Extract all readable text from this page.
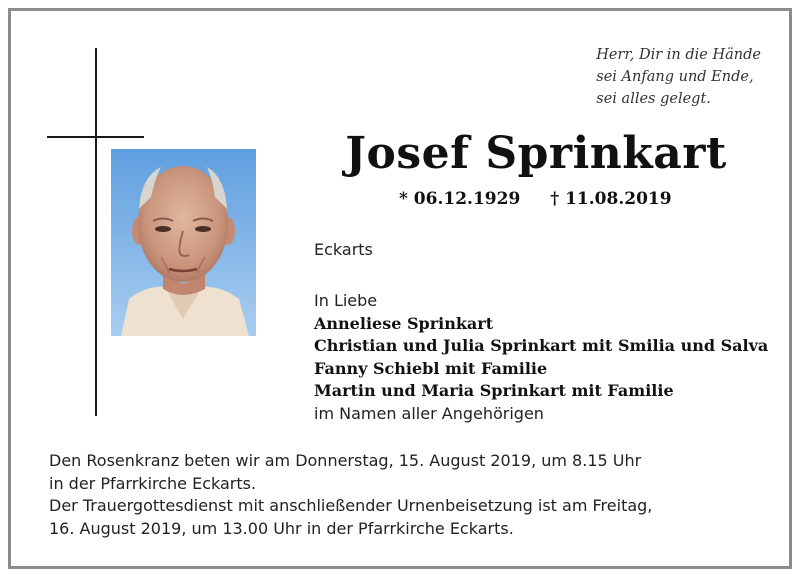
Herr, Dir in die Hände
sei Anfang und Ende,
sei alles gelegt.
Josef Sprinkart
* 06.12.1929 † 11.08.2019
Eckarts
In Liebe
Anneliese Sprinkart
Christian und Julia Sprinkart mit Smilia und Salva
Fanny Schiebl mit Familie
Martin und Maria Sprinkart mit Familie
im Namen aller Angehörigen
Den Rosenkranz beten wir am Donnerstag, 15. August 2019, um 8.15 Uhr
in der Pfarrkirche Eckarts.
Der Trauergottesdienst mit anschließender Urnenbeisetzung ist am Freitag,
16. August 2019, um 13.00 Uhr in der Pfarrkirche Eckarts.
